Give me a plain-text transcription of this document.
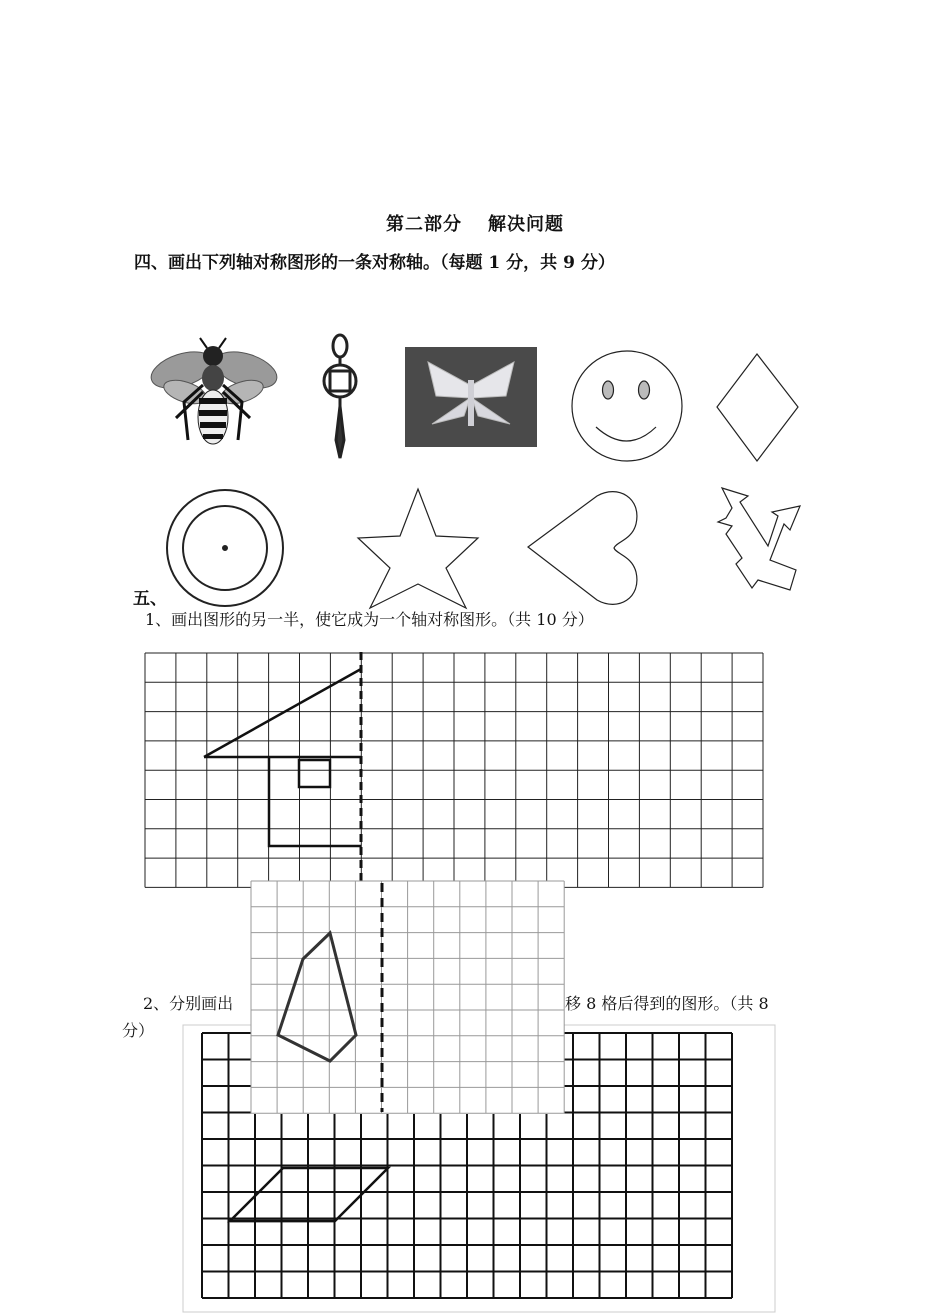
第二部分 解决问题
四、画出下列轴对称图形的一条对称轴。（每题 1 分，共 9 分）
五、
1、画出图形的另一半，使它成为一个轴对称图形。（共 10 分）
2、分别画出	移 8 格后得到的图形。（共 8
分）
